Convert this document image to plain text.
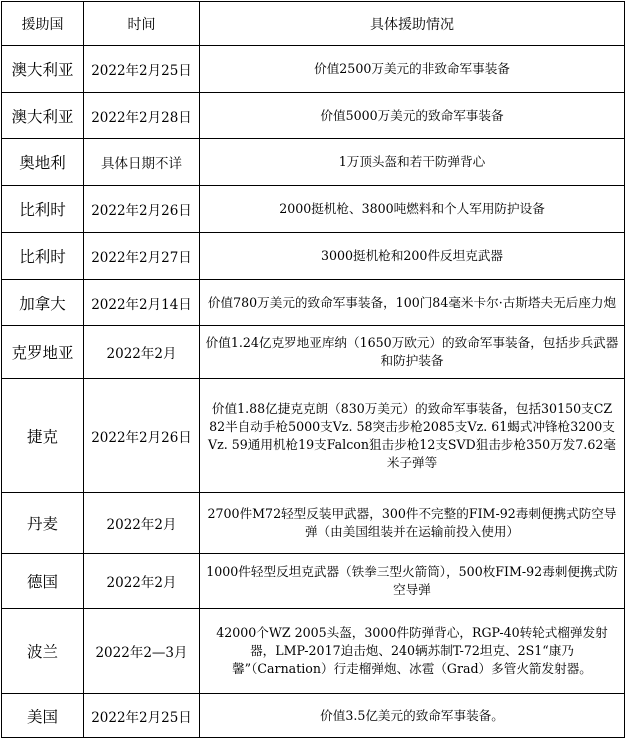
援助国	时间	具体援助情况
澳大利亚	2022年2月25日	价值2500万美元的非致命军事装备
澳大利亚	2022年2月28日	价值5000万美元的致命军事装备
奥地利	具体日期不详	1万顶头盔和若干防弹背心
比利时	2022年2月26日	2000挺机枪、3800吨燃料和个人军用防护设备
比利时	2022年2月27日	3000挺机枪和200件反坦克武器
加拿大	2022年2月14日	价值780万美元的致命军事装备，100门84毫米卡尔·古斯塔夫无后座力炮
克罗地亚	2022年2月	价值1.24亿克罗地亚库纳（1650万欧元）的致命军事装备，包括步兵武器和防护装备
捷克	2022年2月26日	价值1.88亿捷克克朗（830万美元）的致命军事装备，包括30150支CZ 82半自动手枪5000支Vz. 58突击步枪2085支Vz. 61蝎式冲锋枪3200支Vz. 59通用机枪19支Falcon狙击步枪12支SVD狙击步枪350万发7.62毫米子弹等
丹麦	2022年2月	2700件M72轻型反装甲武器，300件不完整的FIM-92毒刺便携式防空导弹（由美国组装并在运输前投入使用）
德国	2022年2月	1000件轻型反坦克武器（铁拳三型火箭筒），500枚FIM-92毒刺便携式防空导弹
波兰	2022年2—3月	42000个WZ 2005头盔，3000件防弹背心，RGP-40转轮式榴弹发射器，LMP-2017迫击炮、240辆苏制T-72坦克、2S1“康乃馨”（Carnation）行走榴弹炮、冰雹（Grad）多管火箭发射器。
美国	2022年2月25日	价值3.5亿美元的致命军事装备。
